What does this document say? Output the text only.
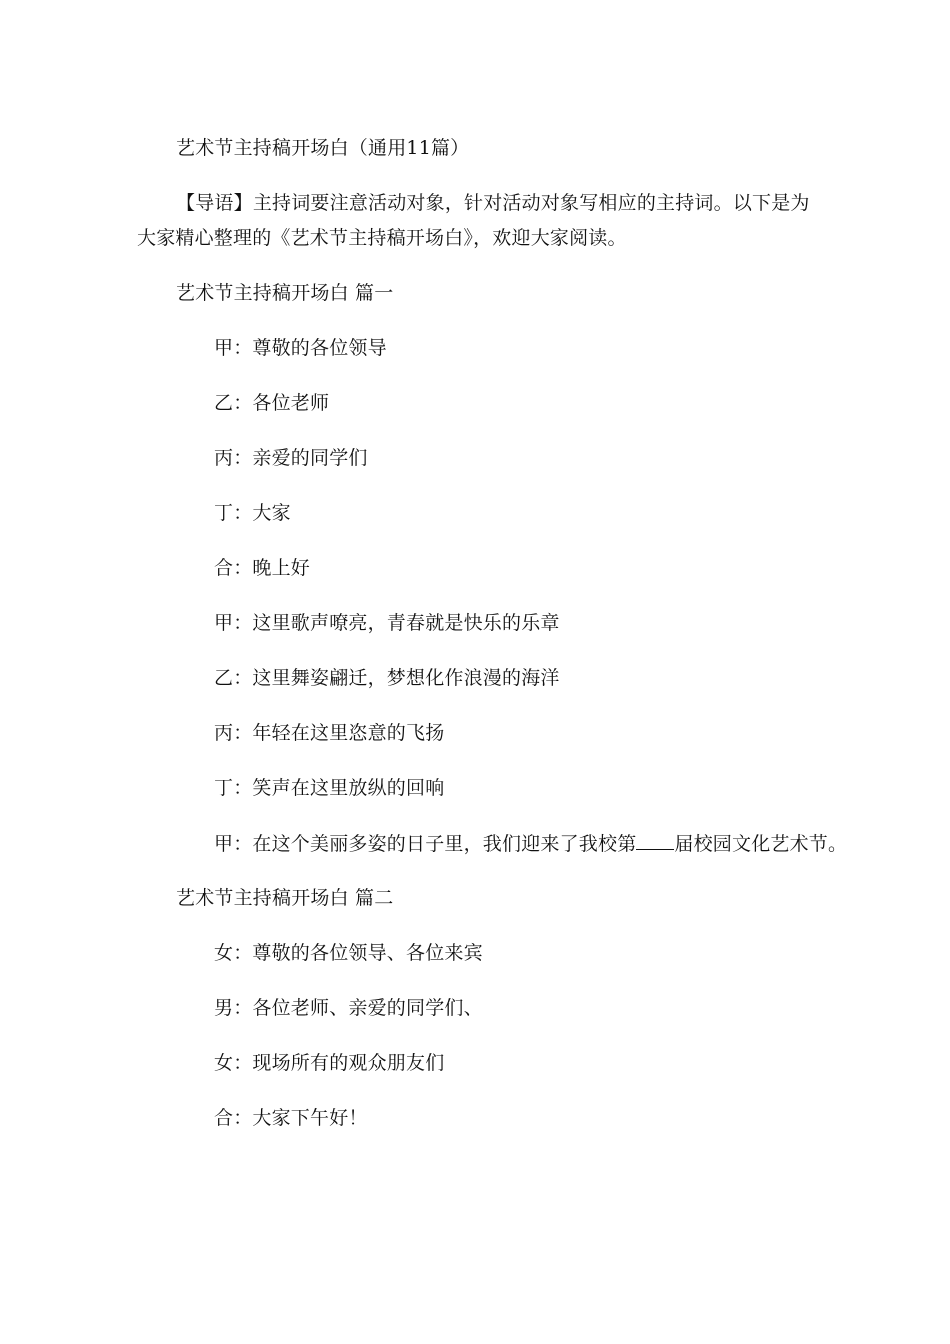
艺术节主持稿开场白（通用11篇）
【导语】主持词要注意活动对象，针对活动对象写相应的主持词。以下是为
大家精心整理的《艺术节主持稿开场白》，欢迎大家阅读。
艺术节主持稿开场白 篇一
甲：尊敬的各位领导
乙：各位老师
丙：亲爱的同学们
丁：大家
合：晚上好
甲：这里歌声嘹亮，青春就是快乐的乐章
乙：这里舞姿翩迁，梦想化作浪漫的海洋
丙：年轻在这里恣意的飞扬
丁：笑声在这里放纵的回响
甲：在这个美丽多姿的日子里，我们迎来了我校第 届校园文化艺术节。
艺术节主持稿开场白 篇二
女：尊敬的各位领导、各位来宾
男：各位老师、亲爱的同学们、
女：现场所有的观众朋友们
合：大家下午好！
